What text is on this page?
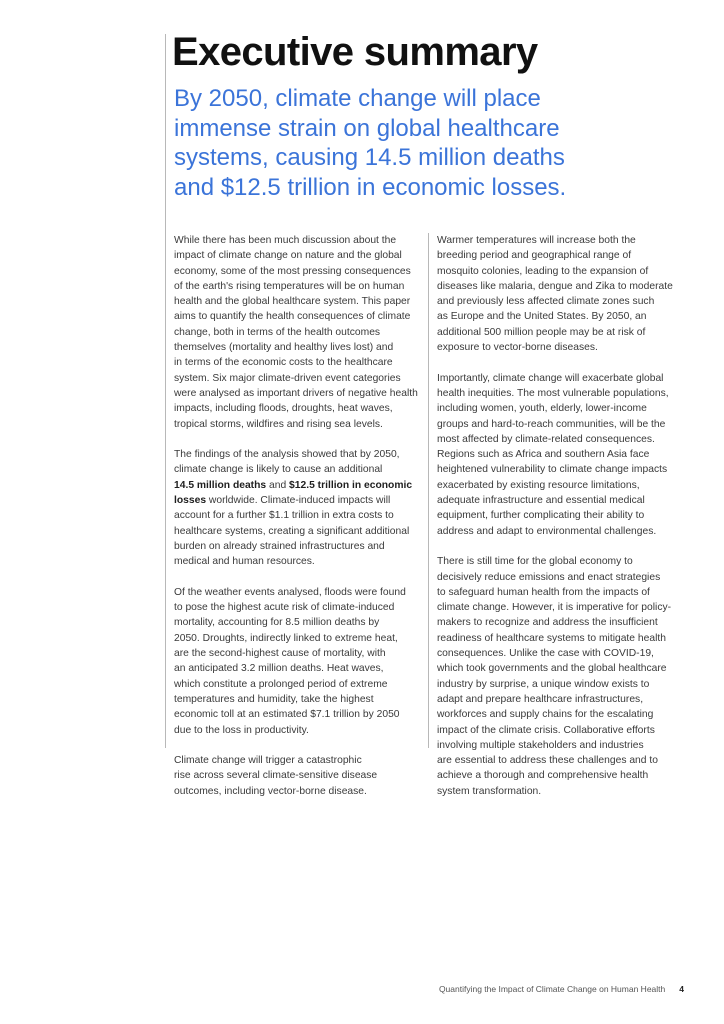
Executive summary
By 2050, climate change will place
immense strain on global healthcare
systems, causing 14.5 million deaths
and $12.5 trillion in economic losses.

While there has been much discussion about the
impact of climate change on nature and the global
economy, some of the most pressing consequences
of the earth's rising temperatures will be on human
health and the global healthcare system. This paper
aims to quantify the health consequences of climate
change, both in terms of the health outcomes
themselves (mortality and healthy lives lost) and
in terms of the economic costs to the healthcare
system. Six major climate-driven event categories
were analysed as important drivers of negative health
impacts, including floods, droughts, heat waves,
tropical storms, wildfires and rising sea levels.

The findings of the analysis showed that by 2050,
climate change is likely to cause an additional
14.5 million deaths and $12.5 trillion in economic
losses worldwide. Climate-induced impacts will
account for a further $1.1 trillion in extra costs to
healthcare systems, creating a significant additional
burden on already strained infrastructures and
medical and human resources.

Of the weather events analysed, floods were found
to pose the highest acute risk of climate-induced
mortality, accounting for 8.5 million deaths by
2050. Droughts, indirectly linked to extreme heat,
are the second-highest cause of mortality, with
an anticipated 3.2 million deaths. Heat waves,
which constitute a prolonged period of extreme
temperatures and humidity, take the highest
economic toll at an estimated $7.1 trillion by 2050
due to the loss in productivity.

Climate change will trigger a catastrophic
rise across several climate-sensitive disease
outcomes, including vector-borne disease.

Warmer temperatures will increase both the
breeding period and geographical range of
mosquito colonies, leading to the expansion of
diseases like malaria, dengue and Zika to moderate
and previously less affected climate zones such
as Europe and the United States. By 2050, an
additional 500 million people may be at risk of
exposure to vector-borne diseases.

Importantly, climate change will exacerbate global
health inequities. The most vulnerable populations,
including women, youth, elderly, lower-income
groups and hard-to-reach communities, will be the
most affected by climate-related consequences.
Regions such as Africa and southern Asia face
heightened vulnerability to climate change impacts
exacerbated by existing resource limitations,
adequate infrastructure and essential medical
equipment, further complicating their ability to
address and adapt to environmental challenges.

There is still time for the global economy to
decisively reduce emissions and enact strategies
to safeguard human health from the impacts of
climate change. However, it is imperative for policy-
makers to recognize and address the insufficient
readiness of healthcare systems to mitigate health
consequences. Unlike the case with COVID-19,
which took governments and the global healthcare
industry by surprise, a unique window exists to
adapt and prepare healthcare infrastructures,
workforces and supply chains for the escalating
impact of the climate crisis. Collaborative efforts
involving multiple stakeholders and industries
are essential to address these challenges and to
achieve a thorough and comprehensive health
system transformation.

Quantifying the Impact of Climate Change on Human Health 4
